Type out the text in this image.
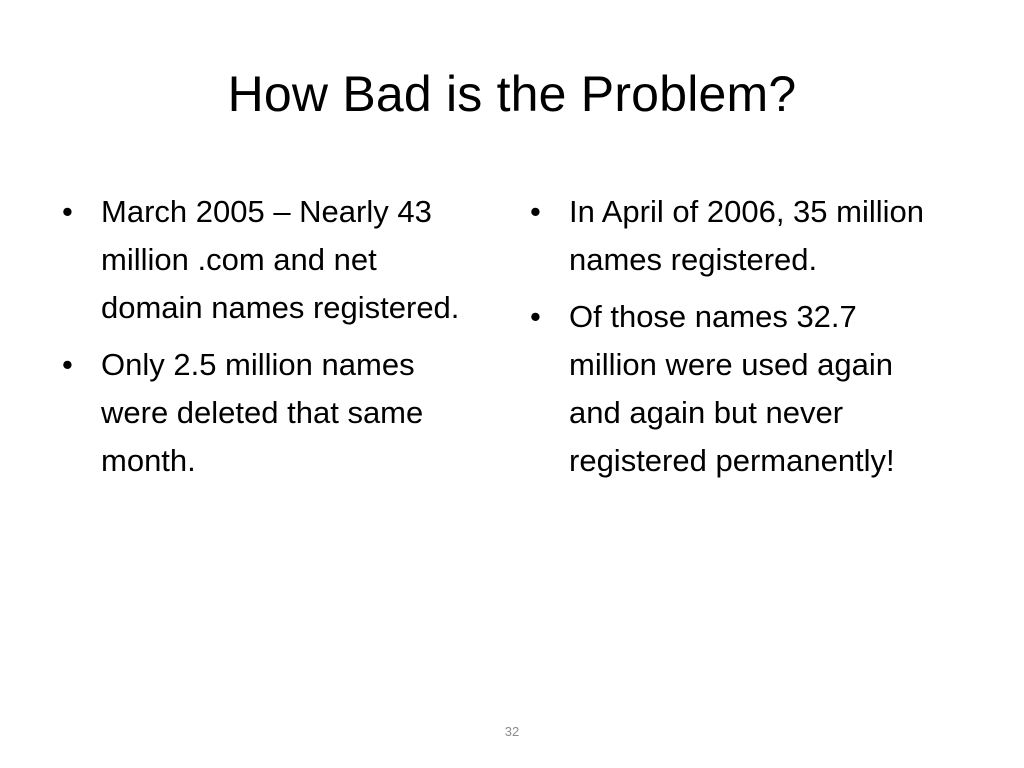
How Bad is the Problem?
• March 2005 – Nearly 43 million .com and net domain names registered.
• Only 2.5 million names were deleted that same month.
• In April of 2006, 35 million names registered.
• Of those names 32.7 million were used again and again but never registered permanently!
32
